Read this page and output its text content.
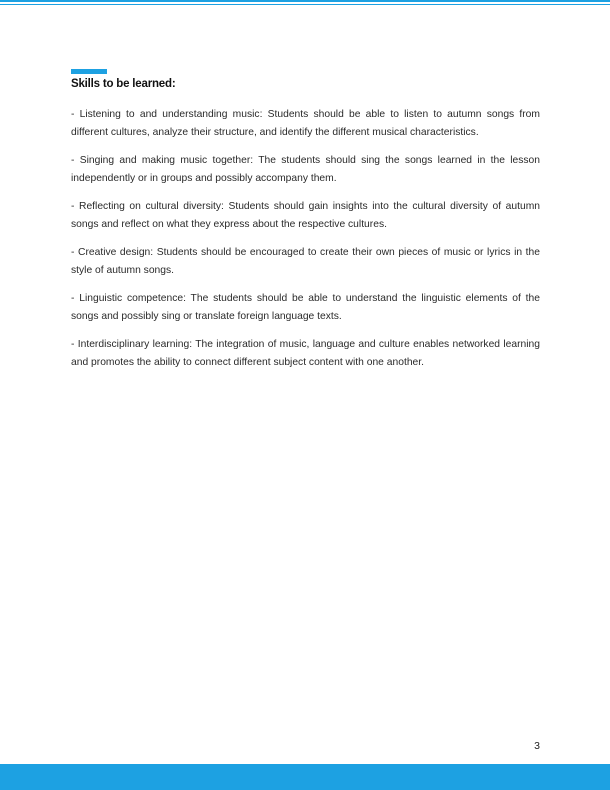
Skills to be learned:

- Listening to and understanding music: Students should be able to listen to autumn songs from different cultures, analyze their structure, and identify the different musical characteristics.

- Singing and making music together: The students should sing the songs learned in the lesson independently or in groups and possibly accompany them.

- Reflecting on cultural diversity: Students should gain insights into the cultural diversity of autumn songs and reflect on what they express about the respective cultures.

- Creative design: Students should be encouraged to create their own pieces of music or lyrics in the style of autumn songs.

- Linguistic competence: The students should be able to understand the linguistic elements of the songs and possibly sing or translate foreign language texts.

- Interdisciplinary learning: The integration of music, language and culture enables networked learning and promotes the ability to connect different subject content with one another.

3
